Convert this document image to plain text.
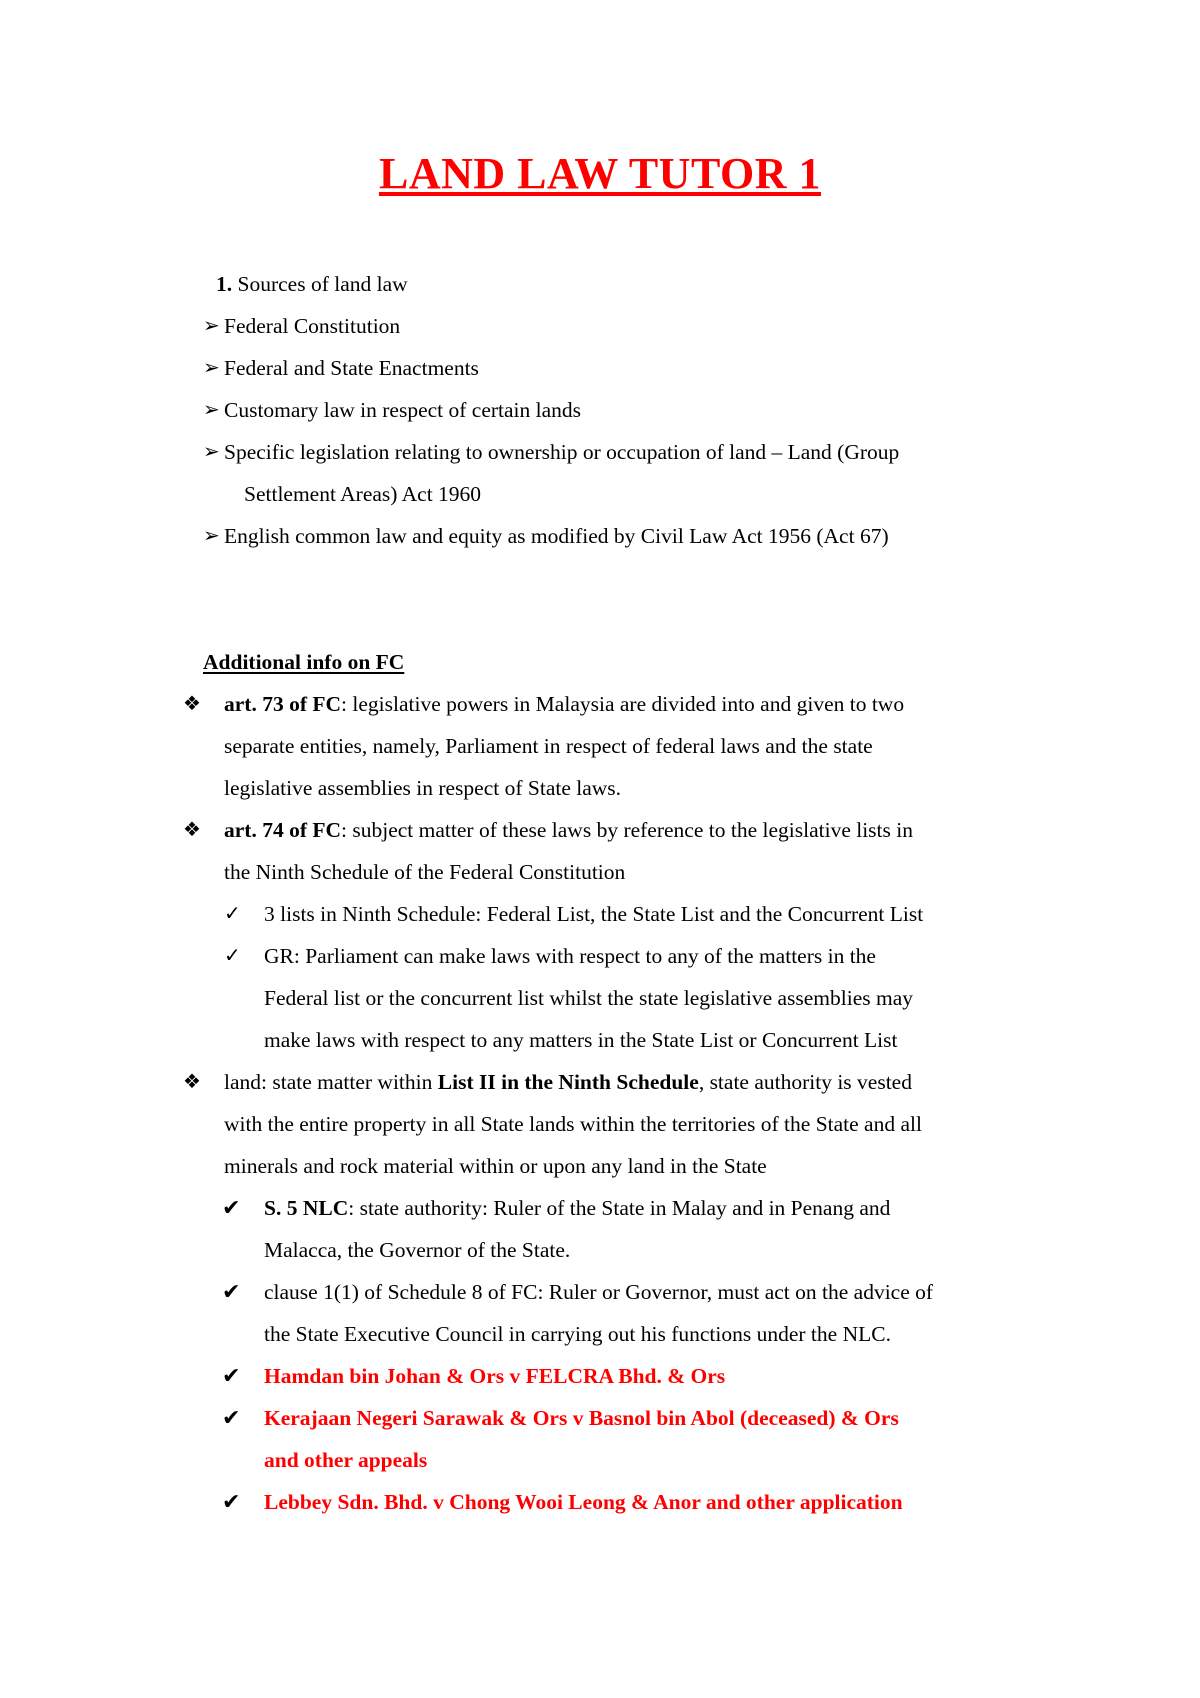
LAND LAW TUTOR 1
1. Sources of land law
➢ Federal Constitution
➢ Federal and State Enactments
➢ Customary law in respect of certain lands
➢ Specific legislation relating to ownership or occupation of land – Land (Group
Settlement Areas) Act 1960
➢ English common law and equity as modified by Civil Law Act 1956 (Act 67)
Additional info on FC
❖ art. 73 of FC: legislative powers in Malaysia are divided into and given to two
separate entities, namely, Parliament in respect of federal laws and the state
legislative assemblies in respect of State laws.
❖ art. 74 of FC: subject matter of these laws by reference to the legislative lists in
the Ninth Schedule of the Federal Constitution
✓ 3 lists in Ninth Schedule: Federal List, the State List and the Concurrent List
✓ GR: Parliament can make laws with respect to any of the matters in the
Federal list or the concurrent list whilst the state legislative assemblies may
make laws with respect to any matters in the State List or Concurrent List
❖ land: state matter within List II in the Ninth Schedule, state authority is vested
with the entire property in all State lands within the territories of the State and all
minerals and rock material within or upon any land in the State
✔ S. 5 NLC: state authority: Ruler of the State in Malay and in Penang and
Malacca, the Governor of the State.
✔ clause 1(1) of Schedule 8 of FC: Ruler or Governor, must act on the advice of
the State Executive Council in carrying out his functions under the NLC.
✔ Hamdan bin Johan & Ors v FELCRA Bhd. & Ors
✔ Kerajaan Negeri Sarawak & Ors v Basnol bin Abol (deceased) & Ors
and other appeals
✔ Lebbey Sdn. Bhd. v Chong Wooi Leong & Anor and other application
